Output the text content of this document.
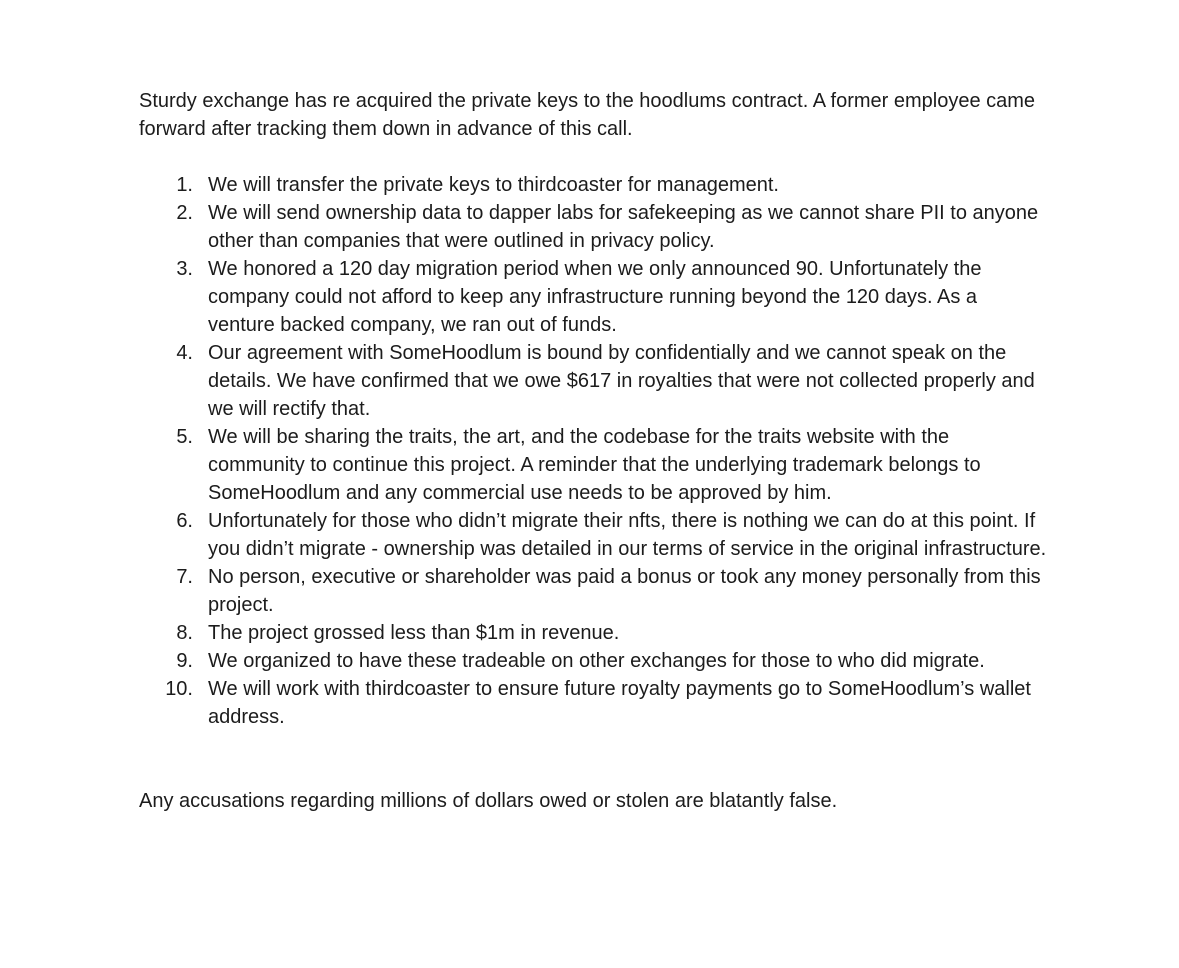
Sturdy exchange has re acquired the private keys to the hoodlums contract. A former employee came forward after tracking them down in advance of this call.

1. We will transfer the private keys to thirdcoaster for management.
2. We will send ownership data to dapper labs for safekeeping as we cannot share PII to anyone other than companies that were outlined in privacy policy.
3. We honored a 120 day migration period when we only announced 90. Unfortunately the company could not afford to keep any infrastructure running beyond the 120 days. As a venture backed company, we ran out of funds.
4. Our agreement with SomeHoodlum is bound by confidentially and we cannot speak on the details. We have confirmed that we owe $617 in royalties that were not collected properly and we will rectify that.
5. We will be sharing the traits, the art, and the codebase for the traits website with the community to continue this project. A reminder that the underlying trademark belongs to SomeHoodlum and any commercial use needs to be approved by him.
6. Unfortunately for those who didn’t migrate their nfts, there is nothing we can do at this point. If you didn’t migrate - ownership was detailed in our terms of service in the original infrastructure.
7. No person, executive or shareholder was paid a bonus or took any money personally from this project.
8. The project grossed less than $1m in revenue.
9. We organized to have these tradeable on other exchanges for those to who did migrate.
10. We will work with thirdcoaster to ensure future royalty payments go to SomeHoodlum’s wallet address.

Any accusations regarding millions of dollars owed or stolen are blatantly false.
